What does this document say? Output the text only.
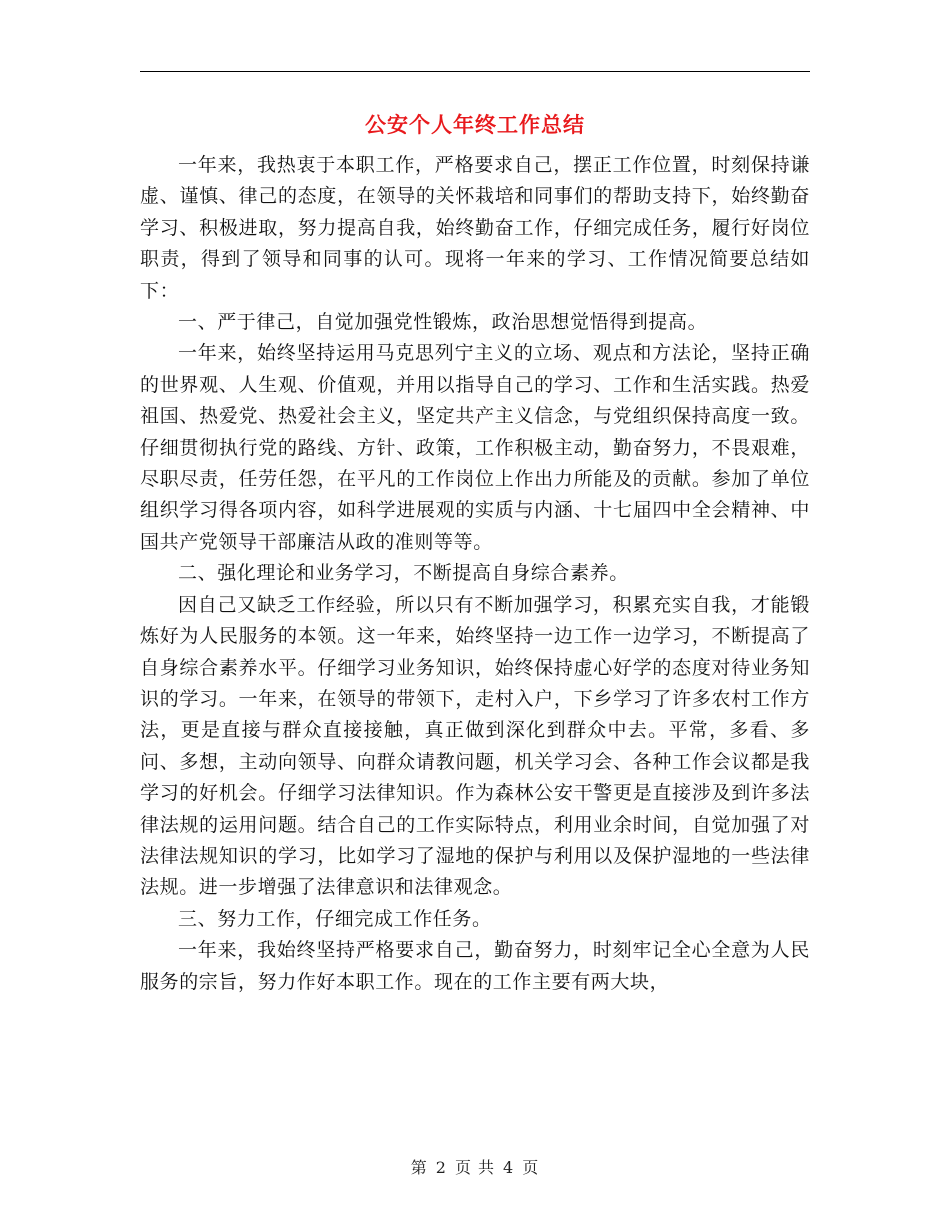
公安个人年终工作总结

一年来，我热衷于本职工作，严格要求自己，摆正工作位置，时刻保持谦虚、谨慎、律己的态度，在领导的关怀栽培和同事们的帮助支持下，始终勤奋学习、积极进取，努力提高自我，始终勤奋工作，仔细完成任务，履行好岗位职责，得到了领导和同事的认可。现将一年来的学习、工作情况简要总结如下：

一、严于律己，自觉加强党性锻炼，政治思想觉悟得到提高。

一年来，始终坚持运用马克思列宁主义的立场、观点和方法论，坚持正确的世界观、人生观、价值观，并用以指导自己的学习、工作和生活实践。热爱祖国、热爱党、热爱社会主义，坚定共产主义信念，与党组织保持高度一致。仔细贯彻执行党的路线、方针、政策，工作积极主动，勤奋努力，不畏艰难，尽职尽责，任劳任怨，在平凡的工作岗位上作出力所能及的贡献。参加了单位组织学习得各项内容，如科学进展观的实质与内涵、十七届四中全会精神、中国共产党领导干部廉洁从政的准则等等。

二、强化理论和业务学习，不断提高自身综合素养。

因自己又缺乏工作经验，所以只有不断加强学习，积累充实自我，才能锻炼好为人民服务的本领。这一年来，始终坚持一边工作一边学习，不断提高了自身综合素养水平。仔细学习业务知识，始终保持虚心好学的态度对待业务知识的学习。一年来，在领导的带领下，走村入户，下乡学习了许多农村工作方法，更是直接与群众直接接触，真正做到深化到群众中去。平常，多看、多问、多想，主动向领导、向群众请教问题，机关学习会、各种工作会议都是我学习的好机会。仔细学习法律知识。作为森林公安干警更是直接涉及到许多法律法规的运用问题。结合自己的工作实际特点，利用业余时间，自觉加强了对法律法规知识的学习，比如学习了湿地的保护与利用以及保护湿地的一些法律法规。进一步增强了法律意识和法律观念。

三、努力工作，仔细完成工作任务。

一年来，我始终坚持严格要求自己，勤奋努力，时刻牢记全心全意为人民服务的宗旨，努力作好本职工作。现在的工作主要有两大块，

第 2 页 共 4 页
